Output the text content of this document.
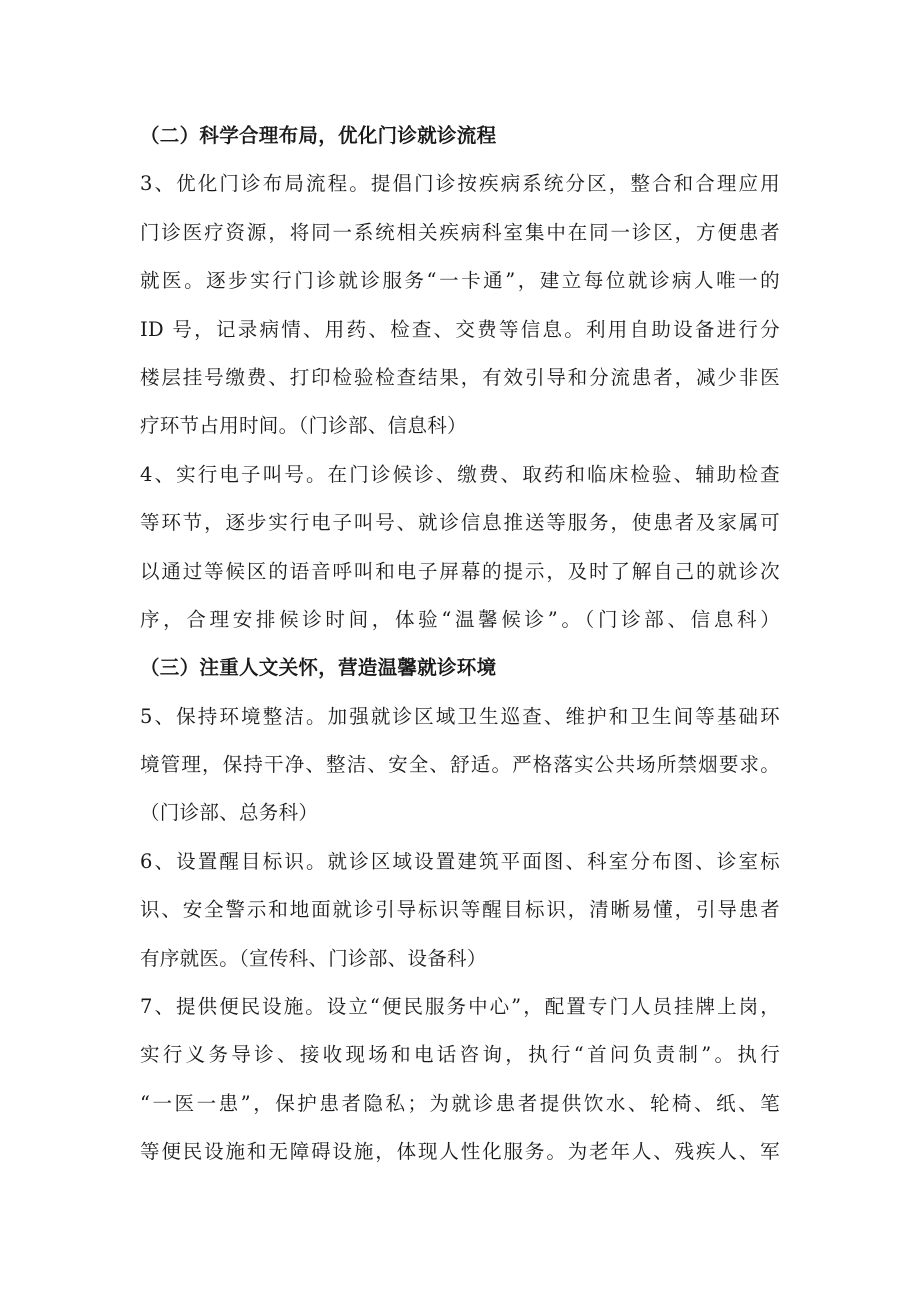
（二）科学合理布局，优化门诊就诊流程
3、优化门诊布局流程。提倡门诊按疾病系统分区，整合和合理应用
门诊医疗资源，将同一系统相关疾病科室集中在同一诊区，方便患者
就医。逐步实行门诊就诊服务“一卡通”，建立每位就诊病人唯一的
ID 号，记录病情、用药、检查、交费等信息。利用自助设备进行分
楼层挂号缴费、打印检验检查结果，有效引导和分流患者，减少非医
疗环节占用时间。（门诊部、信息科）
4、实行电子叫号。在门诊候诊、缴费、取药和临床检验、辅助检查
等环节，逐步实行电子叫号、就诊信息推送等服务，使患者及家属可
以通过等候区的语音呼叫和电子屏幕的提示，及时了解自己的就诊次
序，合理安排候诊时间，体验“温馨候诊”。（门诊部、信息科）
（三）注重人文关怀，营造温馨就诊环境
5、保持环境整洁。加强就诊区域卫生巡查、维护和卫生间等基础环
境管理，保持干净、整洁、安全、舒适。严格落实公共场所禁烟要求。
（门诊部、总务科）
6、设置醒目标识。就诊区域设置建筑平面图、科室分布图、诊室标
识、安全警示和地面就诊引导标识等醒目标识，清晰易懂，引导患者
有序就医。（宣传科、门诊部、设备科）
7、提供便民设施。设立“便民服务中心”，配置专门人员挂牌上岗，
实行义务导诊、接收现场和电话咨询，执行“首问负责制”。执行
“一医一患”，保护患者隐私；为就诊患者提供饮水、轮椅、纸、笔
等便民设施和无障碍设施，体现人性化服务。为老年人、残疾人、军
